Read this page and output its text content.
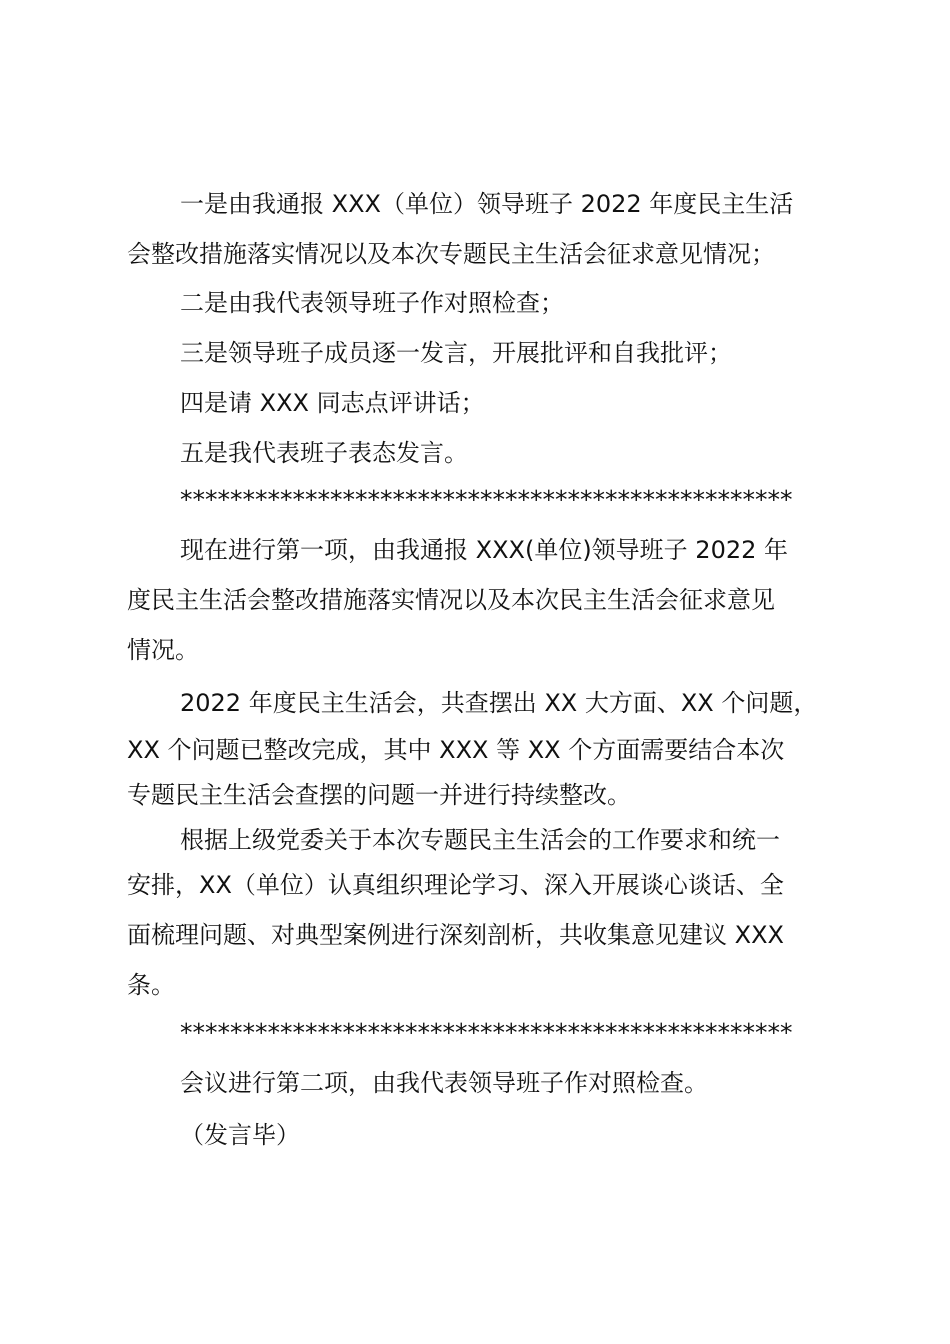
一是由我通报 XXX（单位）领导班子 2022 年度民主生活
会整改措施落实情况以及本次专题民主生活会征求意见情况；
二是由我代表领导班子作对照检查；
三是领导班子成员逐一发言，开展批评和自我批评；
四是请 XXX 同志点评讲话；
五是我代表班子表态发言。
*************************************************
现在进行第一项，由我通报 XXX(单位)领导班子 2022 年
度民主生活会整改措施落实情况以及本次民主生活会征求意见
情况。
2022 年度民主生活会，共查摆出 XX 大方面、XX 个问题，
XX 个问题已整改完成，其中 XXX 等 XX 个方面需要结合本次
专题民主生活会查摆的问题一并进行持续整改。
根据上级党委关于本次专题民主生活会的工作要求和统一
安排，XX（单位）认真组织理论学习、深入开展谈心谈话、全
面梳理问题、对典型案例进行深刻剖析，共收集意见建议 XXX
条。
*************************************************
会议进行第二项，由我代表领导班子作对照检查。
（发言毕）
